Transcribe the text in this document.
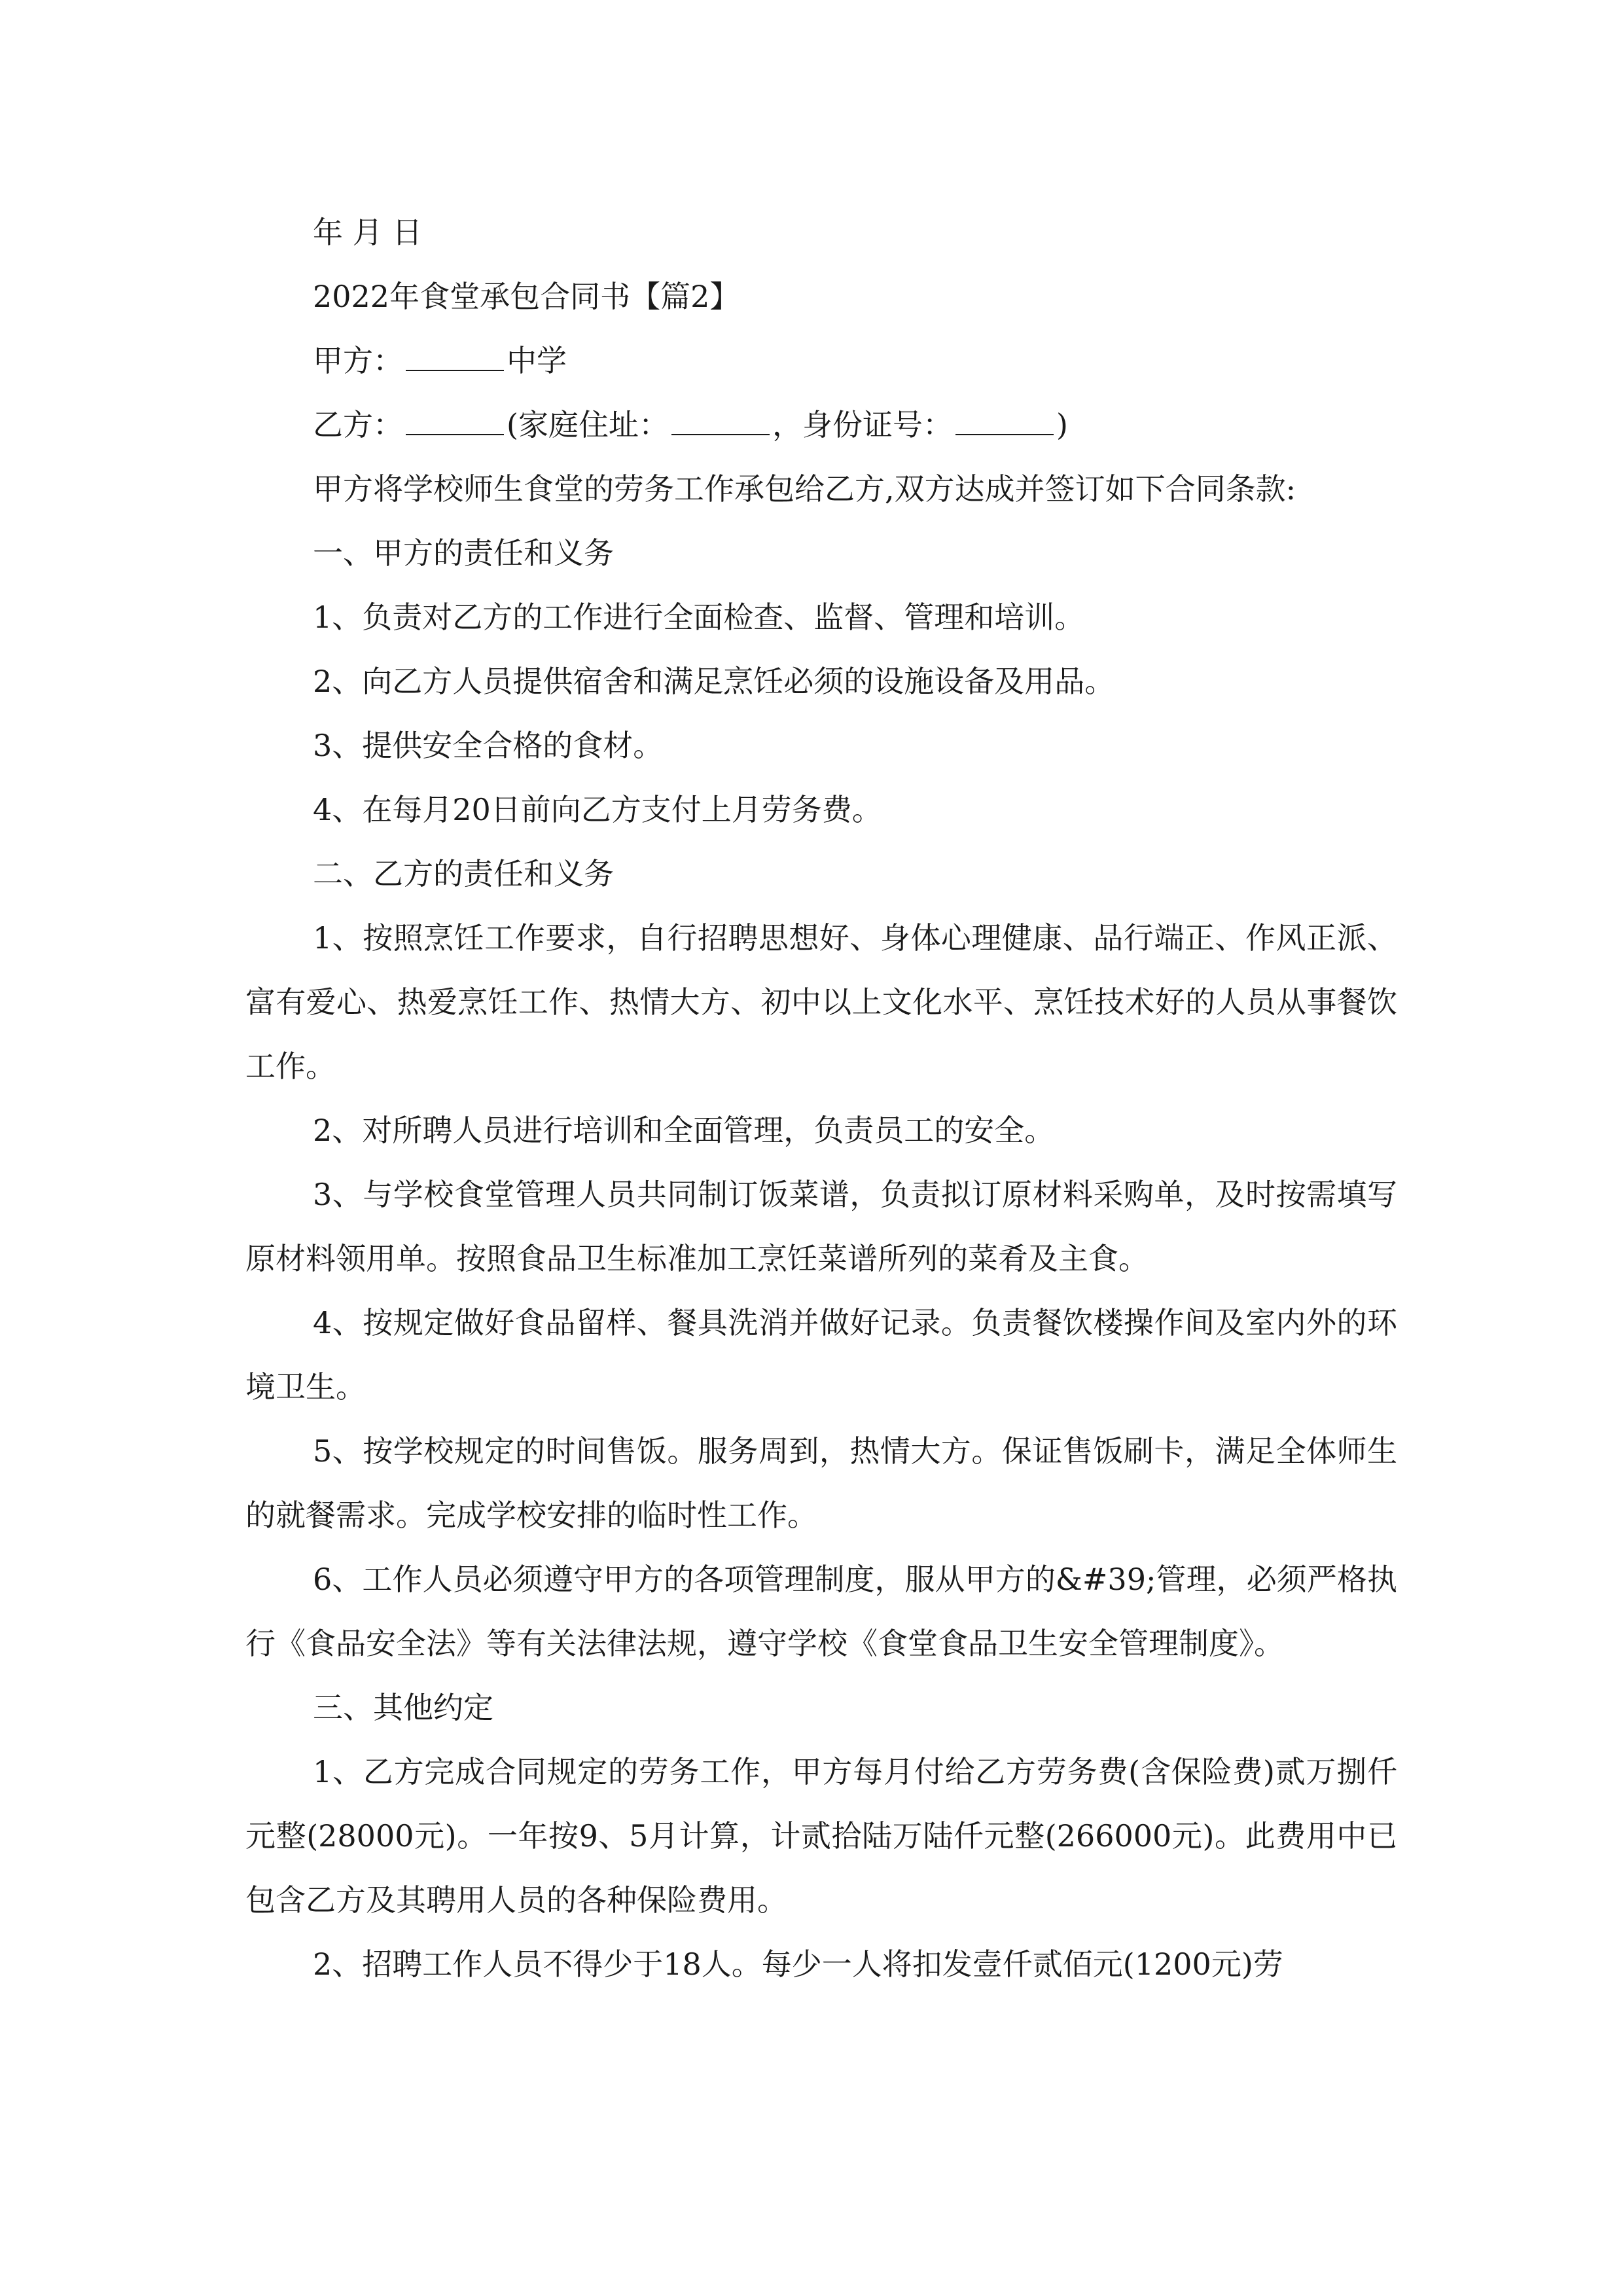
年 月 日

2022年食堂承包合同书【篇2】

甲方：	中学

乙方：	(家庭住址：	，身份证号：	)

甲方将学校师生食堂的劳务工作承包给乙方,双方达成并签订如下合同条款:

一、甲方的责任和义务

1、负责对乙方的工作进行全面检查、监督、管理和培训。

2、向乙方人员提供宿舍和满足烹饪必须的设施设备及用品。

3、提供安全合格的食材。

4、在每月20日前向乙方支付上月劳务费。

二、乙方的责任和义务

1、按照烹饪工作要求，自行招聘思想好、身体心理健康、品行端正、作风正派、富有爱心、热爱烹饪工作、热情大方、初中以上文化水平、烹饪技术好的人员从事餐饮工作。

2、对所聘人员进行培训和全面管理，负责员工的安全。

3、与学校食堂管理人员共同制订饭菜谱，负责拟订原材料采购单，及时按需填写原材料领用单。按照食品卫生标准加工烹饪菜谱所列的菜肴及主食。

4、按规定做好食品留样、餐具洗消并做好记录。负责餐饮楼操作间及室内外的环境卫生。

5、按学校规定的时间售饭。服务周到，热情大方。保证售饭刷卡，满足全体师生的就餐需求。完成学校安排的临时性工作。

6、工作人员必须遵守甲方的各项管理制度，服从甲方的&#39;管理，必须严格执行《食品安全法》等有关法律法规，遵守学校《食堂食品卫生安全管理制度》。

三、其他约定

1、乙方完成合同规定的劳务工作，甲方每月付给乙方劳务费(含保险费)贰万捌仟元整(28000元)。一年按9、5月计算，计贰拾陆万陆仟元整(266000元)。此费用中已包含乙方及其聘用人员的各种保险费用。

2、招聘工作人员不得少于18人。每少一人将扣发壹仟贰佰元(1200元)劳
